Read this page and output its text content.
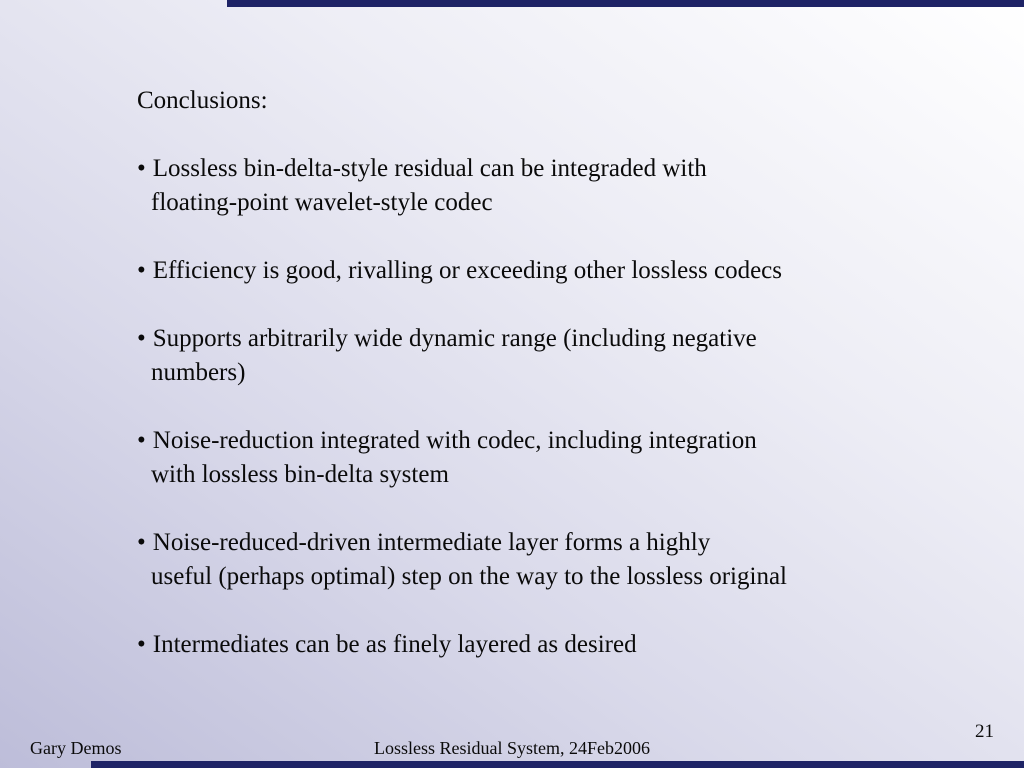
Conclusions:

• Lossless bin-delta-style residual can be integraded with
floating-point wavelet-style codec

• Efficiency is good, rivalling or exceeding other lossless codecs

• Supports arbitrarily wide dynamic range (including negative
numbers)

• Noise-reduction integrated with codec, including integration
with lossless bin-delta system

• Noise-reduced-driven intermediate layer forms a highly
useful (perhaps optimal) step on the way to the lossless original

• Intermediates can be as finely layered as desired

Gary Demos	Lossless Residual System, 24Feb2006
21
